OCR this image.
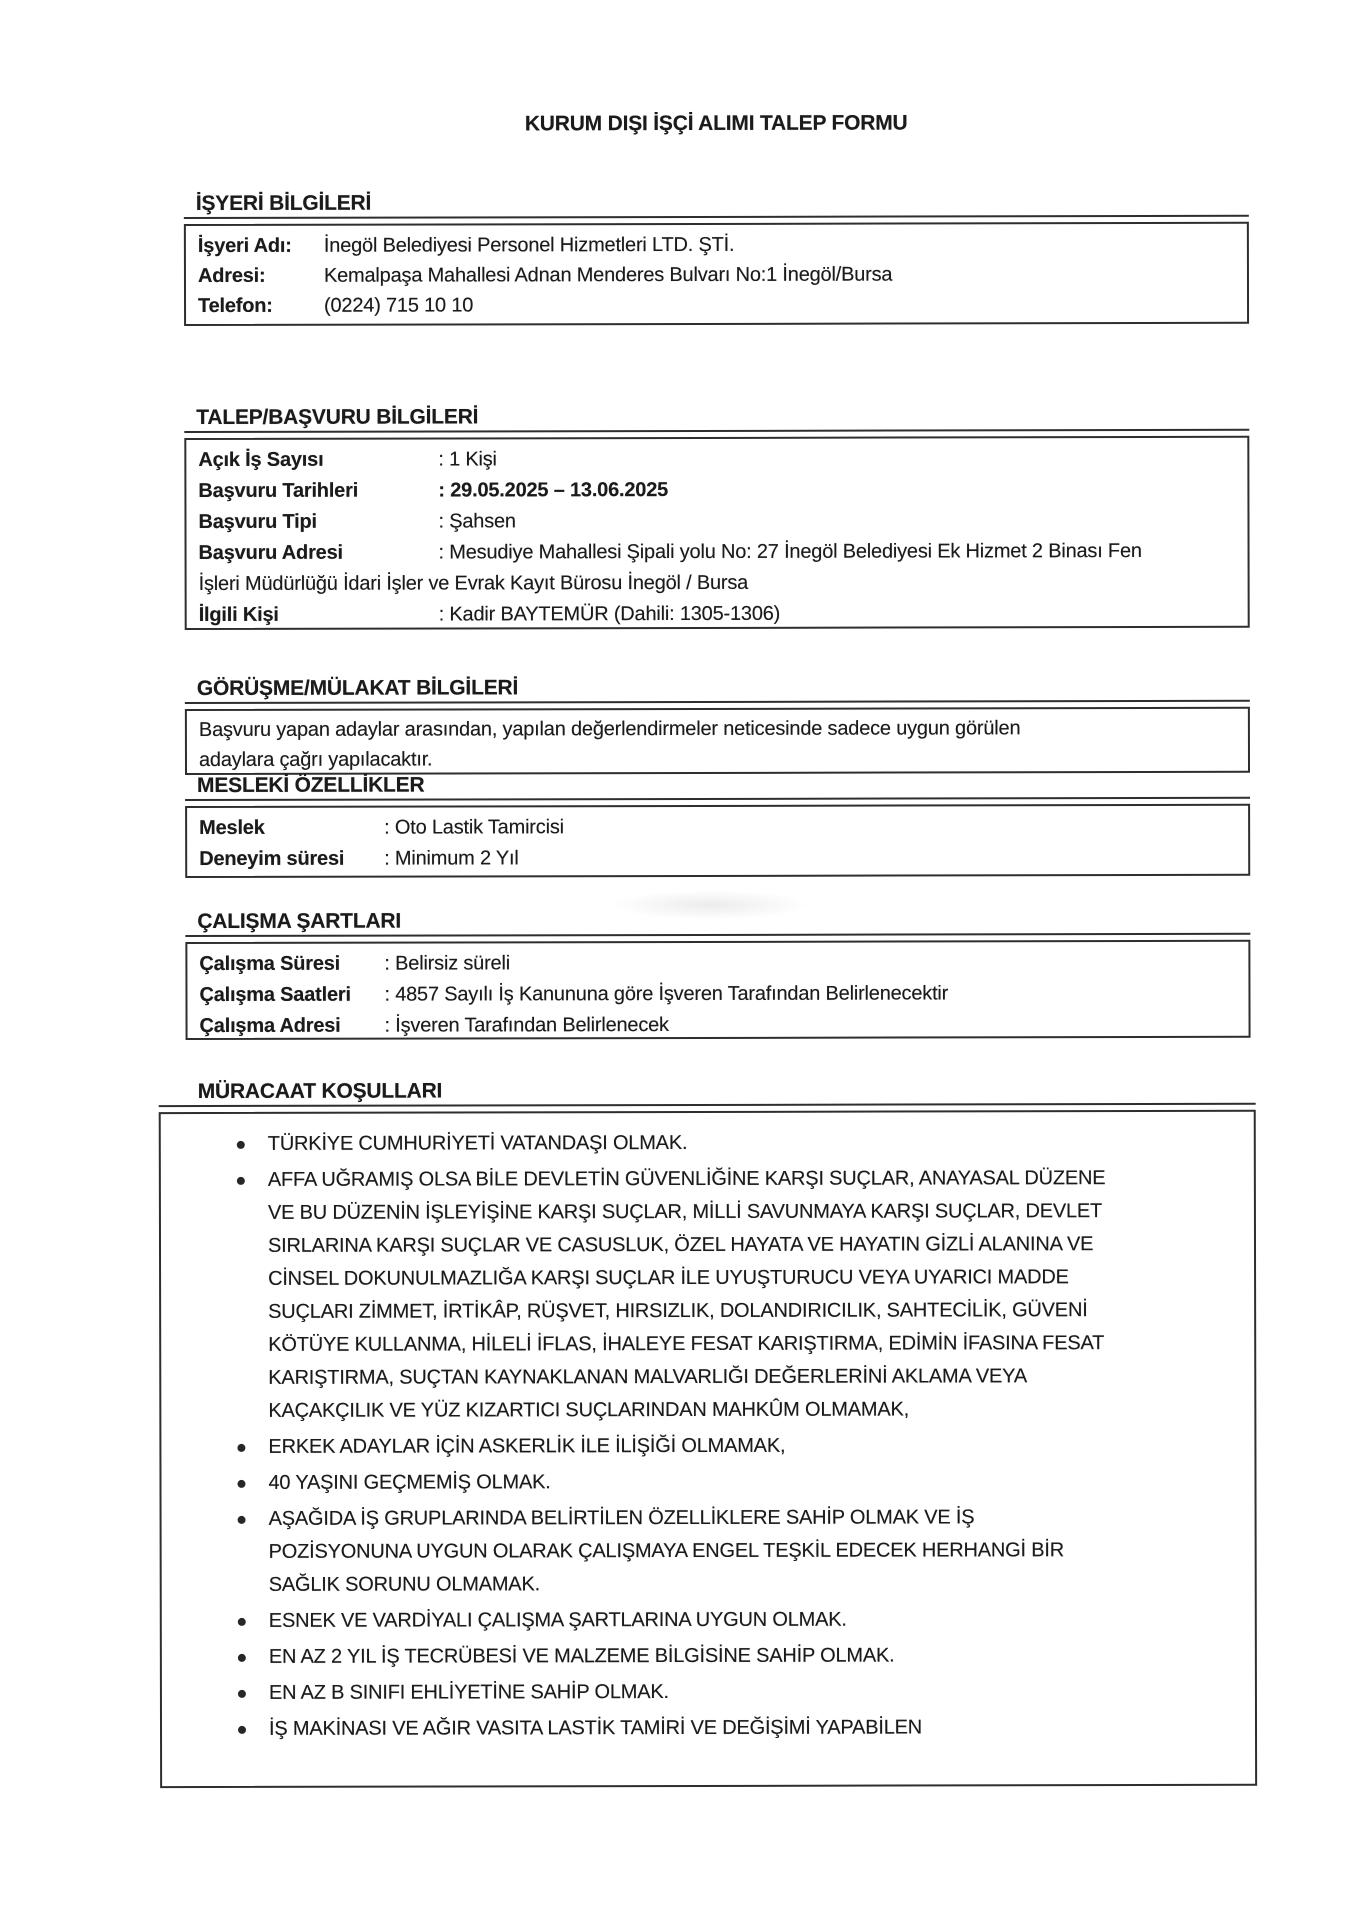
KURUM DIŞI İŞÇİ ALIMI TALEP FORMU
İŞYERİ BİLGİLERİ

İşyeri Adı: İnegöl Belediyesi Personel Hizmetleri LTD. ŞTİ.

Adresi:	Kemalpaşa Mahallesi Adnan Menderes Bulvarı No:1 İnegöl/Bursa

Telefon:	(0224) 715 10 10

TALEP/BAŞVURU BİLGİLERİ

Açık İş Sayısı	: 1 Kişi

Başvuru Tarihleri	: 29.05.2025 – 13.06.2025

Başvuru Tipi	: Şahsen

Başvuru Adresi	: Mesudiye Mahallesi Şipali yolu No: 27 İnegöl Belediyesi Ek Hizmet 2 Binası Fen
İşleri Müdürlüğü İdari İşler ve Evrak Kayıt Bürosu İnegöl / Bursa

İlgili Kişi	: Kadir BAYTEMÜR (Dahili: 1305-1306)

GÖRÜŞME/MÜLAKAT BİLGİLERİ
Başvuru yapan adaylar arasından, yapılan değerlendirmeler neticesinde sadece uygun görülen
adaylara çağrı yapılacaktır.
MESLEKİ ÖZELLİKLER

Meslek	: Oto Lastik Tamircisi

Deneyim süresi : Minimum 2 Yıl

ÇALIŞMA ŞARTLARI

Çalışma Süresi : Belirsiz süreli

Çalışma Saatleri : 4857 Sayılı İş Kanununa göre İşveren Tarafından Belirlenecektir

Çalışma Adresi : İşveren Tarafından Belirlenecek

MÜRACAAT KOŞULLARI
TÜRKİYE CUMHURİYETİ VATANDAŞI OLMAK.
AFFA UĞRAMIŞ OLSA BİLE DEVLETİN GÜVENLİĞİNE KARŞI SUÇLAR, ANAYASAL DÜZENE
VE BU DÜZENİN İŞLEYİŞİNE KARŞI SUÇLAR, MİLLİ SAVUNMAYA KARŞI SUÇLAR, DEVLET
SIRLARINA KARŞI SUÇLAR VE CASUSLUK, ÖZEL HAYATA VE HAYATIN GİZLİ ALANINA VE
CİNSEL DOKUNULMAZLIĞA KARŞI SUÇLAR İLE UYUŞTURUCU VEYA UYARICI MADDE
SUÇLARI ZİMMET, İRTİKÂP, RÜŞVET, HIRSIZLIK, DOLANDIRICILIK, SAHTECİLİK, GÜVENİ
KÖTÜYE KULLANMA, HİLELİ İFLAS, İHALEYE FESAT KARIŞTIRMA, EDİMİN İFASINA FESAT
KARIŞTIRMA, SUÇTAN KAYNAKLANAN MALVARLIĞI DEĞERLERİNİ AKLAMA VEYA
KAÇAKÇILIK VE YÜZ KIZARTICI SUÇLARINDAN MAHKÛM OLMAMAK,
ERKEK ADAYLAR İÇİN ASKERLİK İLE İLİŞİĞİ OLMAMAK,
40 YAŞINI GEÇMEMİŞ OLMAK.
AŞAĞIDA İŞ GRUPLARINDA BELİRTİLEN ÖZELLİKLERE SAHİP OLMAK VE İŞ
POZİSYONUNA UYGUN OLARAK ÇALIŞMAYA ENGEL TEŞKİL EDECEK HERHANGİ BİR
SAĞLIK SORUNU OLMAMAK.
ESNEK VE VARDİYALI ÇALIŞMA ŞARTLARINA UYGUN OLMAK.
EN AZ 2 YIL İŞ TECRÜBESİ VE MALZEME BİLGİSİNE SAHİP OLMAK.
EN AZ B SINIFI EHLİYETİNE SAHİP OLMAK.
İŞ MAKİNASI VE AĞIR VASITA LASTİK TAMİRİ VE DEĞİŞİMİ YAPABİLEN
